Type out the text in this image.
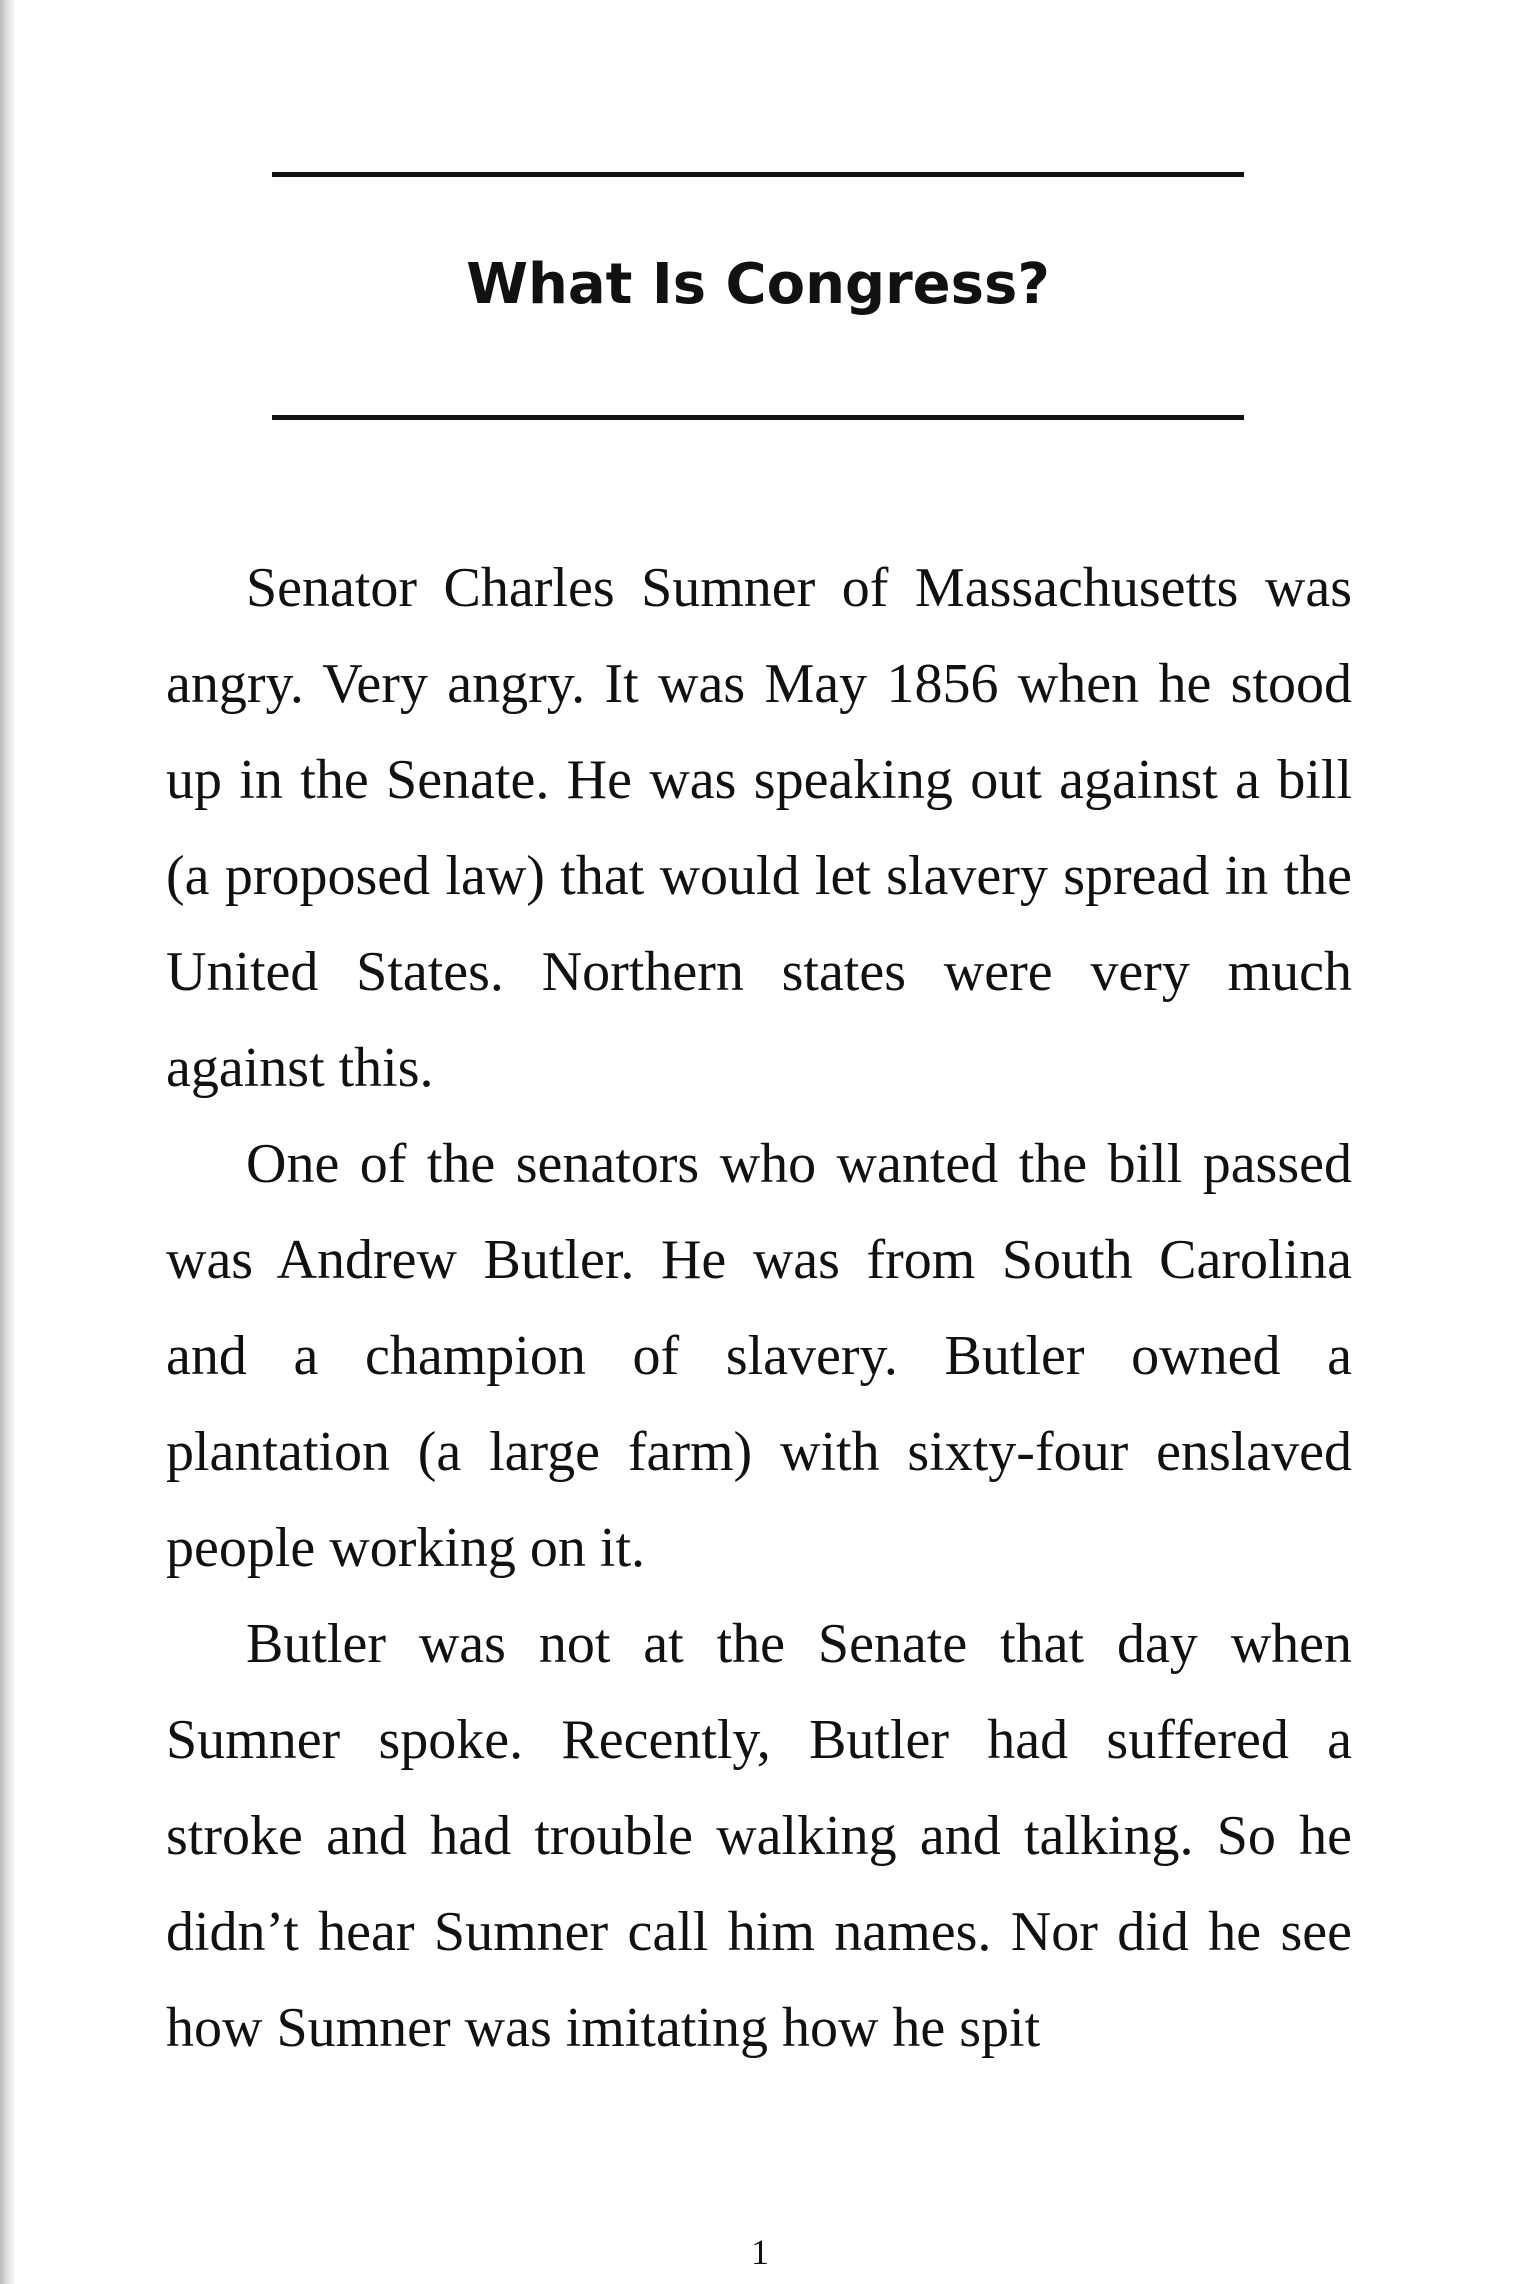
What Is Congress?

Senator Charles Sumner of Massachusetts was angry. Very angry. It was May 1856 when he stood up in the Senate. He was speaking out against a bill (a proposed law) that would let slavery spread in the United States. Northern states were very much against this.

One of the senators who wanted the bill passed was Andrew Butler. He was from South Carolina and a champion of slavery. Butler owned a plantation (a large farm) with sixty-four enslaved people working on it.

Butler was not at the Senate that day when Sumner spoke. Recently, Butler had suffered a stroke and had trouble walking and talking. So he didn’t hear Sumner call him names. Nor did he see how Sumner was imitating how he spit

1
